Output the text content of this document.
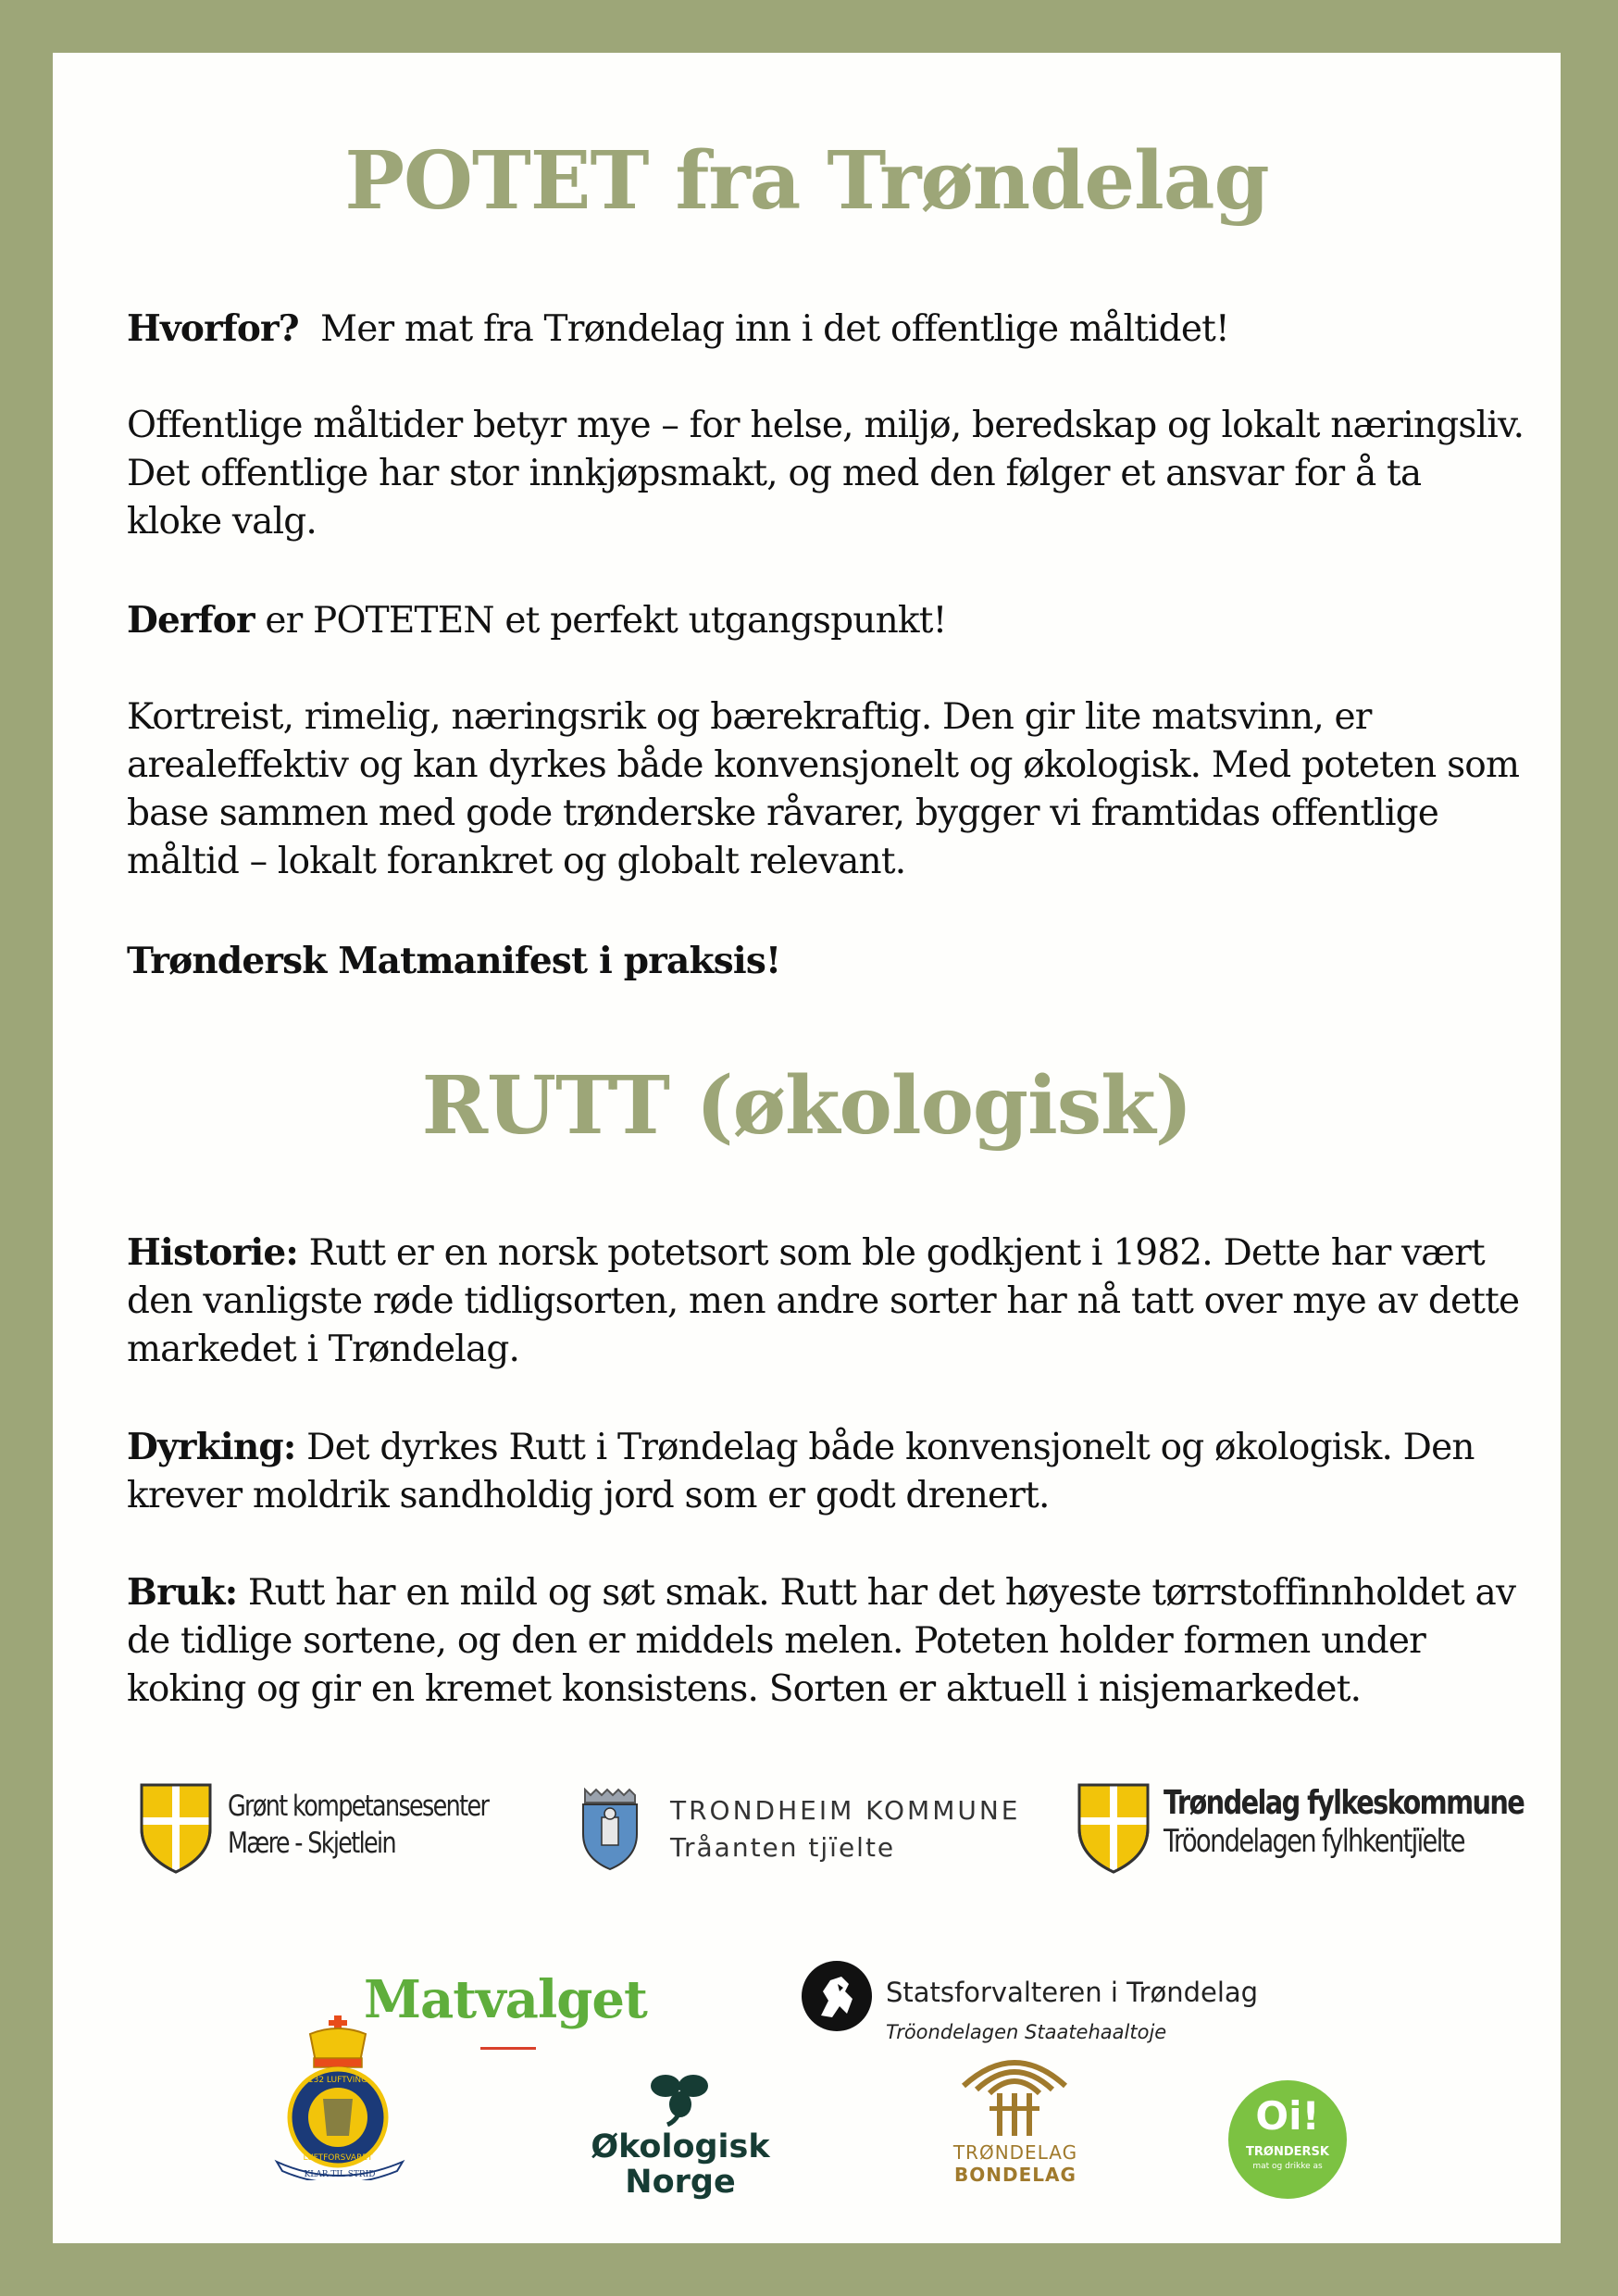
POTET fra Trøndelag

Hvorfor? Mer mat fra Trøndelag inn i det offentlige måltidet!

Offentlige måltider betyr mye – for helse, miljø, beredskap og lokalt næringsliv. Det offentlige har stor innkjøpsmakt, og med den følger et ansvar for å ta kloke valg.

Derfor er POTETEN et perfekt utgangspunkt!

Kortreist, rimelig, næringsrik og bærekraftig. Den gir lite matsvinn, er arealeffektiv og kan dyrkes både konvensjonelt og økologisk. Med poteten som base sammen med gode trønderske råvarer, bygger vi framtidas offentlige måltid – lokalt forankret og globalt relevant.

Trøndersk Matmanifest i praksis!

RUTT (økologisk)

Historie: Rutt er en norsk potetsort som ble godkjent i 1982. Dette har vært den vanligste røde tidligsorten, men andre sorter har nå tatt over mye av dette markedet i Trøndelag.

Dyrking: Det dyrkes Rutt i Trøndelag både konvensjonelt og økologisk. Den krever moldrik sandholdig jord som er godt drenert.

Bruk: Rutt har en mild og søt smak. Rutt har det høyeste tørrstoffinnholdet av de tidlige sortene, og den er middels melen. Poteten holder formen under koking og gir en kremet konsistens. Sorten er aktuell i nisjemarkedet.

Grønt kompetansesenter
Mære - Skjetlein
TRONDHEIM KOMMUNE
Tråanten tjïelte
Trøndelag fylkeskommune
Tröondelagen fylhkentjïelte
Matvalget	Statsforvalteren i Trøndelag
Tröondelagen Staatehaaltoje
132 LUFTVING
LUFTFORSVARET
KLAR TIL STRID
Økologisk
Norge
TRØNDELAG
BONDELAG
Oi!
TRØNDERSK
mat og drikke as
